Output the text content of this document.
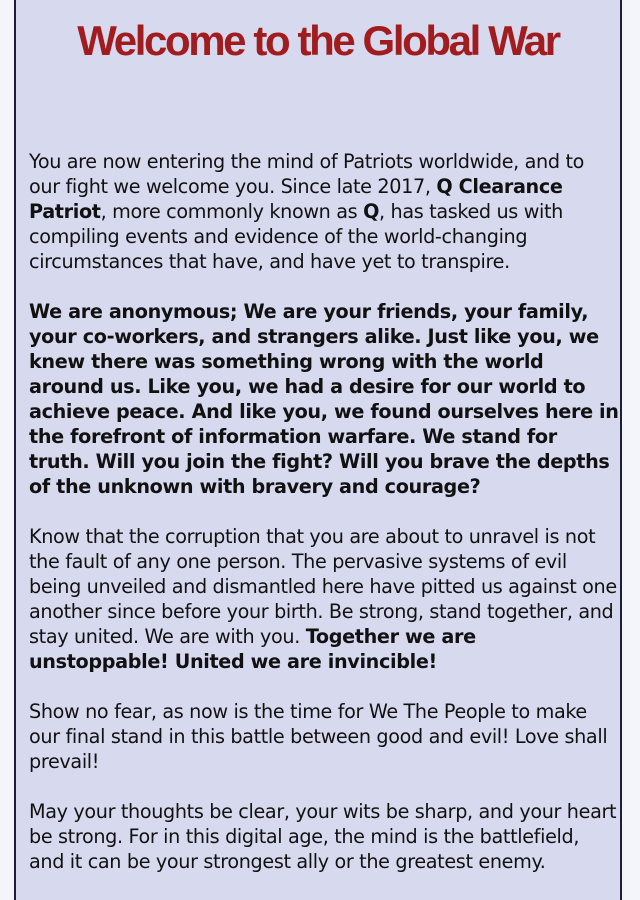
Welcome to the Global War

You are now entering the mind of Patriots worldwide, and to our fight we welcome you. Since late 2017, Q Clearance Patriot, more commonly known as Q, has tasked us with compiling events and evidence of the world-changing circumstances that have, and have yet to transpire.

We are anonymous; We are your friends, your family, your co-workers, and strangers alike. Just like you, we knew there was something wrong with the world around us. Like you, we had a desire for our world to achieve peace. And like you, we found ourselves here in the forefront of information warfare. We stand for truth. Will you join the fight? Will you brave the depths of the unknown with bravery and courage?

Know that the corruption that you are about to unravel is not the fault of any one person. The pervasive systems of evil being unveiled and dismantled here have pitted us against one another since before your birth. Be strong, stand together, and stay united. We are with you. Together we are unstoppable! United we are invincible!

Show no fear, as now is the time for We The People to make our final stand in this battle between good and evil! Love shall prevail!

May your thoughts be clear, your wits be sharp, and your heart be strong. For in this digital age, the mind is the battlefield, and it can be your strongest ally or the greatest enemy.
